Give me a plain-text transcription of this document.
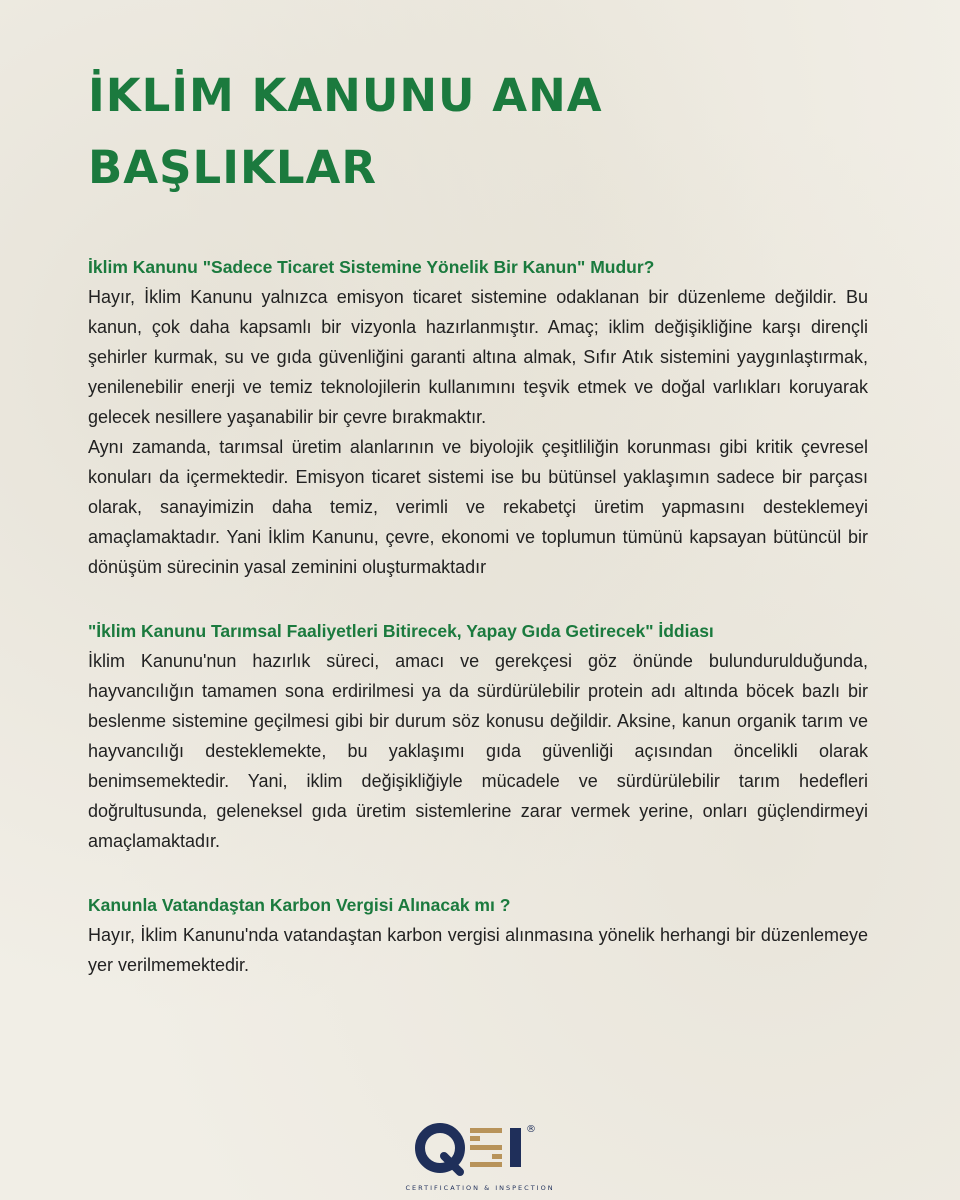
İKLİM KANUNU ANA BAŞLIKLAR
İklim Kanunu "Sadece Ticaret Sistemine Yönelik Bir Kanun" Mudur?

Hayır, İklim Kanunu yalnızca emisyon ticaret sistemine odaklanan bir düzenleme değildir. Bu kanun, çok daha kapsamlı bir vizyonla hazırlanmıştır. Amaç; iklim değişikliğine karşı dirençli şehirler kurmak, su ve gıda güvenliğini garanti altına almak, Sıfır Atık sistemini yaygınlaştırmak, yenilenebilir enerji ve temiz teknolojilerin kullanımını teşvik etmek ve doğal varlıkları koruyarak gelecek nesillere yaşanabilir bir çevre bırakmaktır.

Aynı zamanda, tarımsal üretim alanlarının ve biyolojik çeşitliliğin korunması gibi kritik çevresel konuları da içermektedir. Emisyon ticaret sistemi ise bu bütünsel yaklaşımın sadece bir parçası olarak, sanayimizin daha temiz, verimli ve rekabetçi üretim yapmasını desteklemeyi amaçlamaktadır. Yani İklim Kanunu, çevre, ekonomi ve toplumun tümünü kapsayan bütüncül bir dönüşüm sürecinin yasal zeminini oluşturmaktadır

"İklim Kanunu Tarımsal Faaliyetleri Bitirecek, Yapay Gıda Getirecek" İddiası

İklim Kanunu'nun hazırlık süreci, amacı ve gerekçesi göz önünde bulundurulduğunda, hayvancılığın tamamen sona erdirilmesi ya da sürdürülebilir protein adı altında böcek bazlı bir beslenme sistemine geçilmesi gibi bir durum söz konusu değildir. Aksine, kanun organik tarım ve hayvancılığı desteklemekte, bu yaklaşımı gıda güvenliği açısından öncelikli olarak benimsemektedir. Yani, iklim değişikliğiyle mücadele ve sürdürülebilir tarım hedefleri doğrultusunda, geleneksel gıda üretim sistemlerine zarar vermek yerine, onları güçlendirmeyi amaçlamaktadır.

Kanunla Vatandaştan Karbon Vergisi Alınacak mı ?

Hayır, İklim Kanunu'nda vatandaştan karbon vergisi alınmasına yönelik herhangi bir düzenlemeye yer verilmemektedir.

®
CERTIFICATION & INSPECTION
